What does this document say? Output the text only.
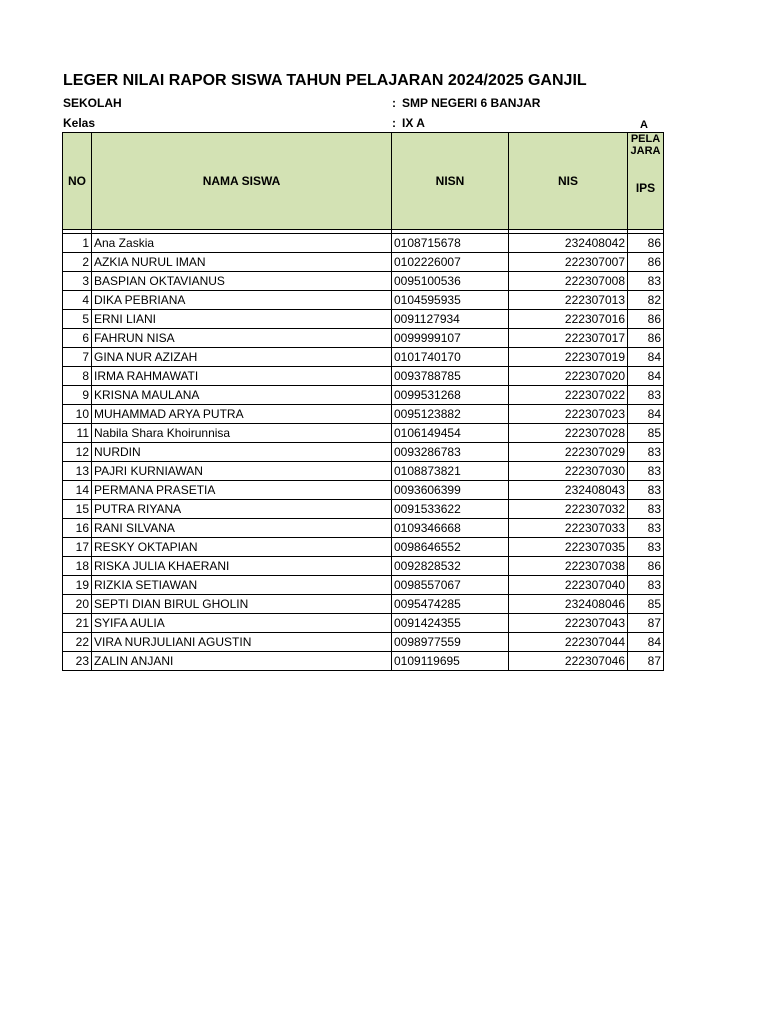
LEGER NILAI RAPOR SISWA TAHUN PELAJARAN 2024/2025 GANJIL
SEKOLAH	: SMP NEGERI 6 BANJAR
Kelas	: IX A	A
NO	NAMA SISWA	NISN	NIS	PELA
JARA
IPS

1	Ana Zaskia	0108715678	232408042	86
2	AZKIA NURUL IMAN	0102226007	222307007	86
3	BASPIAN OKTAVIANUS	0095100536	222307008	83
4	DIKA PEBRIANA	0104595935	222307013	82
5	ERNI LIANI	0091127934	222307016	86
6	FAHRUN NISA	0099999107	222307017	86
7	GINA NUR AZIZAH	0101740170	222307019	84
8	IRMA RAHMAWATI	0093788785	222307020	84
9	KRISNA MAULANA	0099531268	222307022	83
10	MUHAMMAD ARYA PUTRA	0095123882	222307023	84
11	Nabila Shara Khoirunnisa	0106149454	222307028	85
12	NURDIN	0093286783	222307029	83
13	PAJRI KURNIAWAN	0108873821	222307030	83
14	PERMANA PRASETIA	0093606399	232408043	83
15	PUTRA RIYANA	0091533622	222307032	83
16	RANI SILVANA	0109346668	222307033	83
17	RESKY OKTAPIAN	0098646552	222307035	83
18	RISKA JULIA KHAERANI	0092828532	222307038	86
19	RIZKIA SETIAWAN	0098557067	222307040	83
20	SEPTI DIAN BIRUL GHOLIN	0095474285	232408046	85
21	SYIFA AULIA	0091424355	222307043	87
22	VIRA NURJULIANI AGUSTIN	0098977559	222307044	84
23	ZALIN ANJANI	0109119695	222307046	87
